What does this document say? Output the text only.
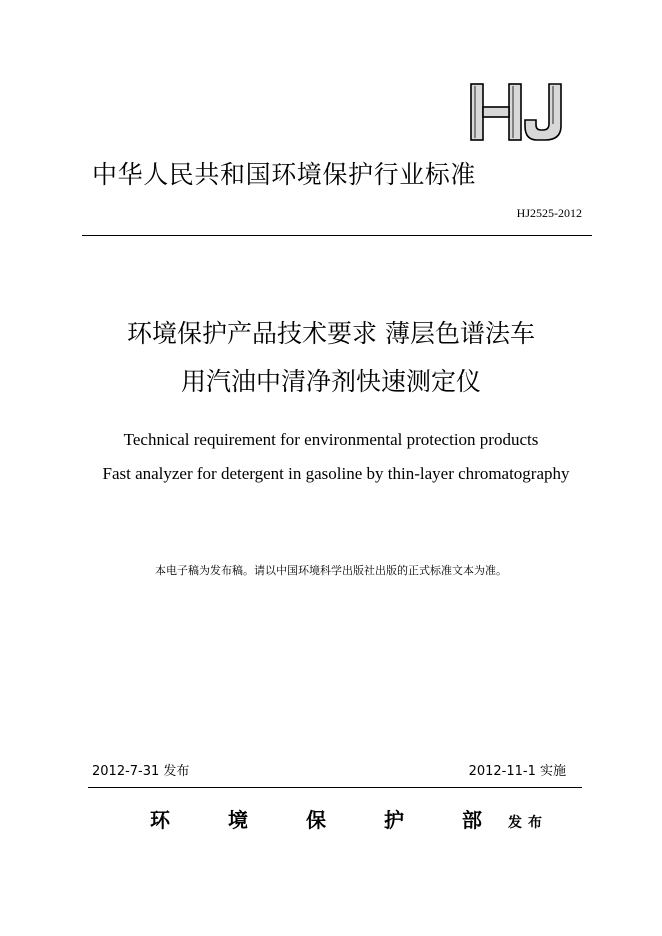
中华人民共和国环境保护行业标准
HJ2525-2012
环境保护产品技术要求 薄层色谱法车
用汽油中清净剂快速测定仪
Technical requirement for environmental protection products
Fast analyzer for detergent in gasoline by thin-layer chromatography
本电子稿为发布稿。请以中国环境科学出版社出版的正式标准文本为准。
2012-7-31 发布	2012-11-1 实施
环	境	保	护	部 发布
